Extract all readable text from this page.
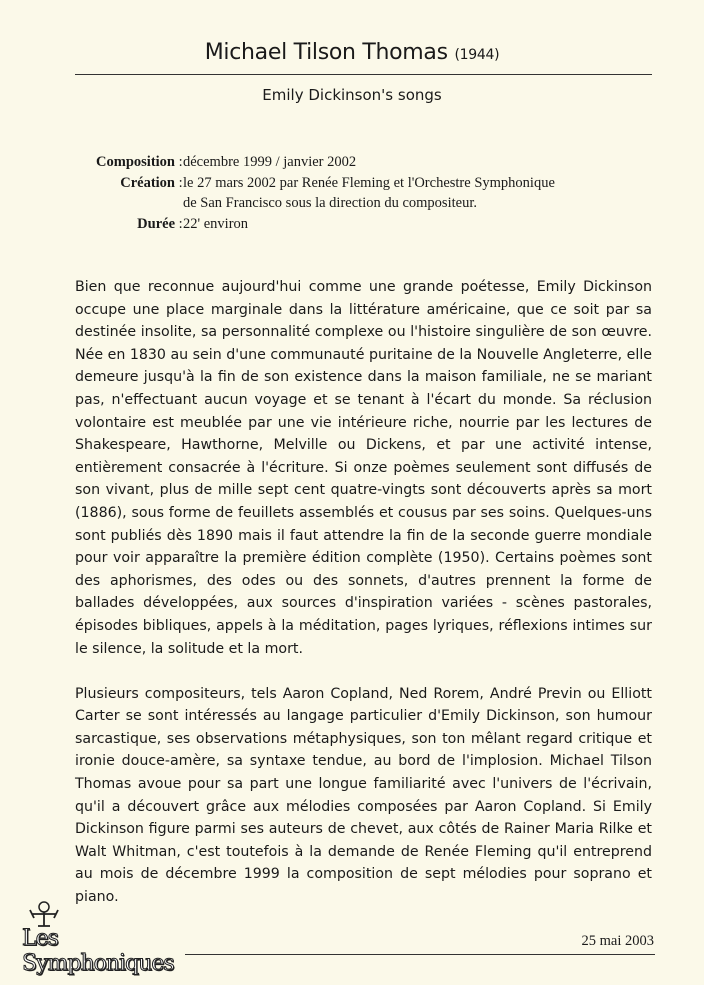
Michael Tilson Thomas (1944)
Emily Dickinson's songs
Composition : décembre 1999 / janvier 2002
Création : le 27 mars 2002 par Renée Fleming et l'Orchestre Symphonique
de San Francisco sous la direction du compositeur.
Durée : 22' environ

Bien que reconnue aujourd'hui comme une grande poétesse, Emily Dickinson occupe une place marginale dans la littérature américaine, que ce soit par sa destinée insolite, sa personnalité complexe ou l'histoire singulière de son œuvre. Née en 1830 au sein d'une communauté puritaine de la Nouvelle Angleterre, elle demeure jusqu'à la fin de son existence dans la maison familiale, ne se mariant pas, n'effectuant aucun voyage et se tenant à l'écart du monde. Sa réclusion volontaire est meublée par une vie intérieure riche, nourrie par les lectures de Shakespeare, Hawthorne, Melville ou Dickens, et par une activité intense, entièrement consacrée à l'écriture. Si onze poèmes seulement sont diffusés de son vivant, plus de mille sept cent quatre-vingts sont découverts après sa mort (1886), sous forme de feuillets assemblés et cousus par ses soins. Quelques-uns sont publiés dès 1890 mais il faut attendre la fin de la seconde guerre mondiale pour voir apparaître la première édition complète (1950). Certains poèmes sont des aphorismes, des odes ou des sonnets, d'autres prennent la forme de ballades développées, aux sources d'inspiration variées - scènes pastorales, épisodes bibliques, appels à la méditation, pages lyriques, réflexions intimes sur le silence, la solitude et la mort.

Plusieurs compositeurs, tels Aaron Copland, Ned Rorem, André Previn ou Elliott Carter se sont intéressés au langage particulier d'Emily Dickinson, son humour sarcastique, ses observations métaphysiques, son ton mêlant regard critique et ironie douce-amère, sa syntaxe tendue, au bord de l'implosion. Michael Tilson Thomas avoue pour sa part une longue familiarité avec l'univers de l'écrivain, qu'il a découvert grâce aux mélodies composées par Aaron Copland. Si Emily Dickinson figure parmi ses auteurs de chevet, aux côtés de Rainer Maria Rilke et Walt Whitman, c'est toutefois à la demande de Renée Fleming qu'il entreprend au mois de décembre 1999 la composition de sept mélodies pour soprano et piano.

Les Symphoniques
25 mai 2003
